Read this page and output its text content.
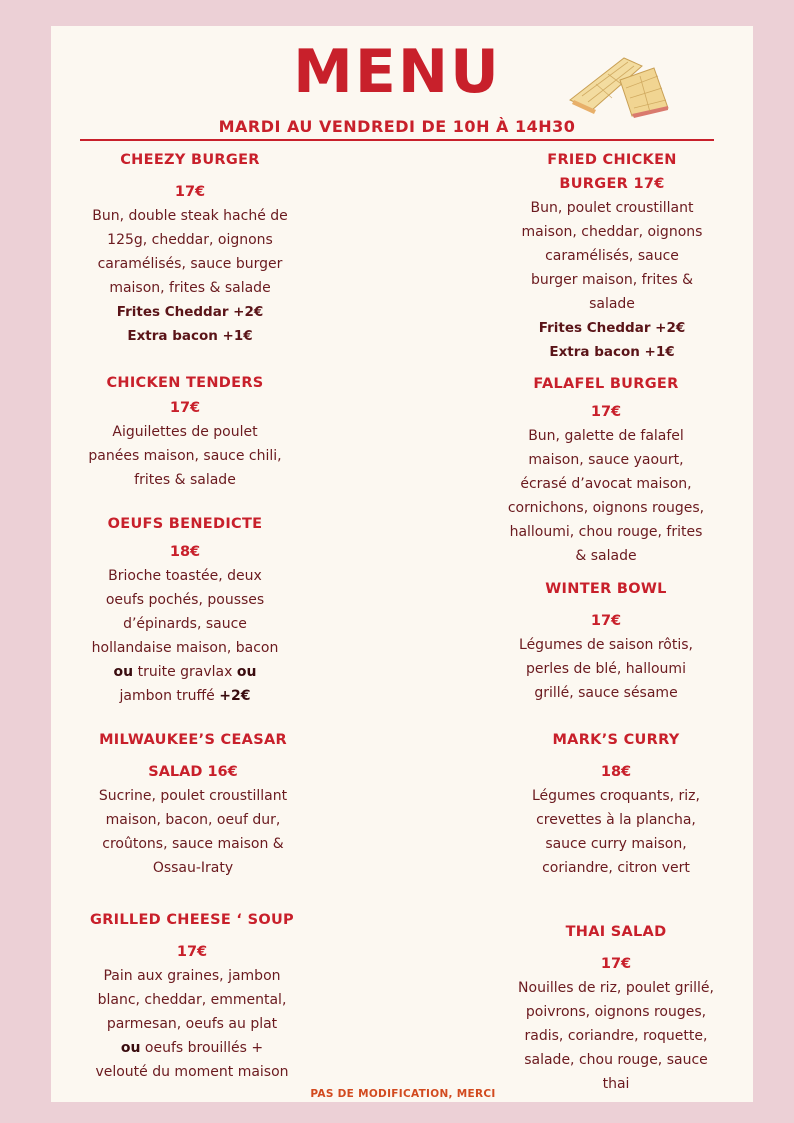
MENU
MARDI AU VENDREDI DE 10H À 14H30
CHEEZY BURGER
17€
Bun, double steak haché de
125g, cheddar, oignons
caramélisés, sauce burger
maison, frites & salade
Frites Cheddar +2€
Extra bacon +1€
CHICKEN TENDERS
17€
Aiguilettes de poulet
panées maison, sauce chili,
frites & salade
OEUFS BENEDICTE
18€
Brioche toastée, deux
oeufs pochés, pousses
d’épinards, sauce
hollandaise maison, bacon
ou truite gravlax ou
jambon truffé +2€
MILWAUKEE’S CEASAR
SALAD 16€
Sucrine, poulet croustillant
maison, bacon, oeuf dur,
croûtons, sauce maison &
Ossau-Iraty
GRILLED CHEESE ‘ SOUP
17€
Pain aux graines, jambon
blanc, cheddar, emmental,
parmesan, oeufs au plat
ou oeufs brouillés +
velouté du moment maison
FRIED CHICKEN
BURGER 17€
Bun, poulet croustillant
maison, cheddar, oignons
caramélisés, sauce
burger maison, frites &
salade
Frites Cheddar +2€
Extra bacon +1€
FALAFEL BURGER
17€
Bun, galette de falafel
maison, sauce yaourt,
écrasé d’avocat maison,
cornichons, oignons rouges,
halloumi, chou rouge, frites
& salade
WINTER BOWL
17€
Légumes de saison rôtis,
perles de blé, halloumi
grillé, sauce sésame
MARK’S CURRY
18€
Légumes croquants, riz,
crevettes à la plancha,
sauce curry maison,
coriandre, citron vert
THAI SALAD
17€
Nouilles de riz, poulet grillé,
poivrons, oignons rouges,
radis, coriandre, roquette,
salade, chou rouge, sauce
thai
PAS DE MODIFICATION, MERCI
